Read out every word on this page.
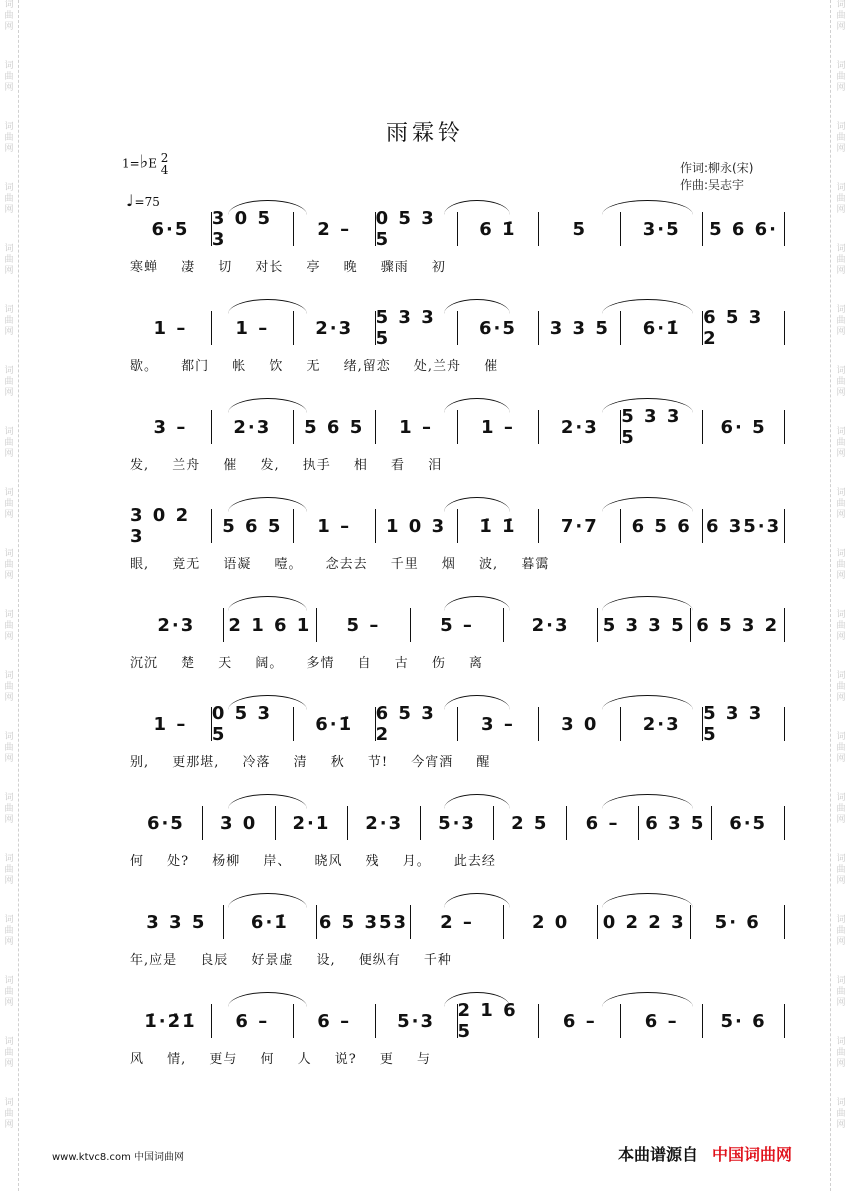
词
曲
网
词
曲
网
词
曲
网
词
曲
网
词
曲
网
词
曲
网
词
曲
网
词
曲
网
词
曲
网
词
曲
网
词
曲
网
词
曲
网
词
曲
网
词
曲
网
词
曲
网
词
曲
网
词
曲
网
词
曲
网
词
曲
网
词
曲
网
词
曲
网
词
曲
网
词
曲
网
词
曲
网
词
曲
网
词
曲
网
词
曲
网
词
曲
网
词
曲
网
词
曲
网
词
曲
网
词
曲
网
词
曲
网
词
曲
网
词
曲
网
词
曲
网
词
曲
网
词
曲
网
雨霖铃
1=♭E 2
4
♩=75
作词:柳永(宋)
作曲:吴志宇
6·5	3 0 5 3	2 –	0 5 3 5	6 1̇	5	3·5	5 6 6·
寒蝉 凄 切 对长 亭 晚 骤雨 初
1 –	1 –	2·3	5 3 3 5	6·5	3 3 5	6·1̇	6 5 3 2
歇。 都门 帐 饮 无 绪,留恋 处,兰舟 催
3 –	2·3	5 6 5	1 –	1 –	2·3	5 3 3 5	6· 5
发, 兰舟 催 发, 执手 相 看 泪
3 0 2 3	5 6 5	1 –	1 0 3	1̇ 1̇	7·7	6 5 6 6 35·3
眼, 竟无 语凝 噎。 念去去 千里 烟 波, 暮霭
2·3	2 1 6 1	5 –	5 –	2·3	5 3 3 5 6 5 3 2
沉沉 楚 天 阔。 多情 自 古 伤 离
1 –	0 5 3 5	6·1̇	6 5 3 2	3 –	3 0	2·3	5 3 3 5
别, 更那堪, 冷落 清 秋 节! 今宵酒 醒
6·5	3 0	2·1	2·3	5·3	2 5	6 –	6 3 5	6·5
何 处? 杨柳 岸、 晓风 残 月。 此去经
3 3 5	6·1̇	6 5 353	2 –	2 0	0 2 2 3	5· 6
年,应是 良辰 好景虚 设, 便纵有 千种
1̇·2̇1̇	6 –	6 –	5·3	2 1 6 5	6 –	6 –	5· 6
风 情, 更与 何 人 说? 更 与
www.ktvc8.com 中国词曲网	本曲谱源自 中国词曲网
